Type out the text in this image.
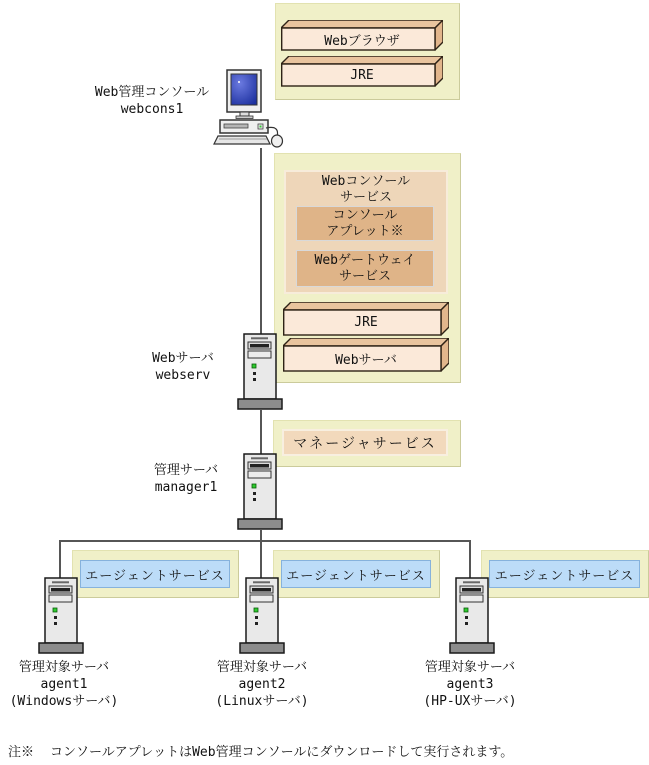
Webブラウザ
JRE
Web管理コンソール
webcons1
Webコンソール
サービス
コンソール
アプレット※
Webゲートウェイ
サービス
JRE
Webサーバ
Webサーバ
webserv
マネージャサービス
管理サーバ
manager1
エージェントサービス
管理対象サーバ
agent1
(Windowsサーバ)
エージェントサービス
管理対象サーバ
agent2
(Linuxサーバ)
エージェントサービス
管理対象サーバ
agent3
(HP-UXサーバ)
注※ コンソールアプレットはWeb管理コンソールにダウンロードして実行されます。
